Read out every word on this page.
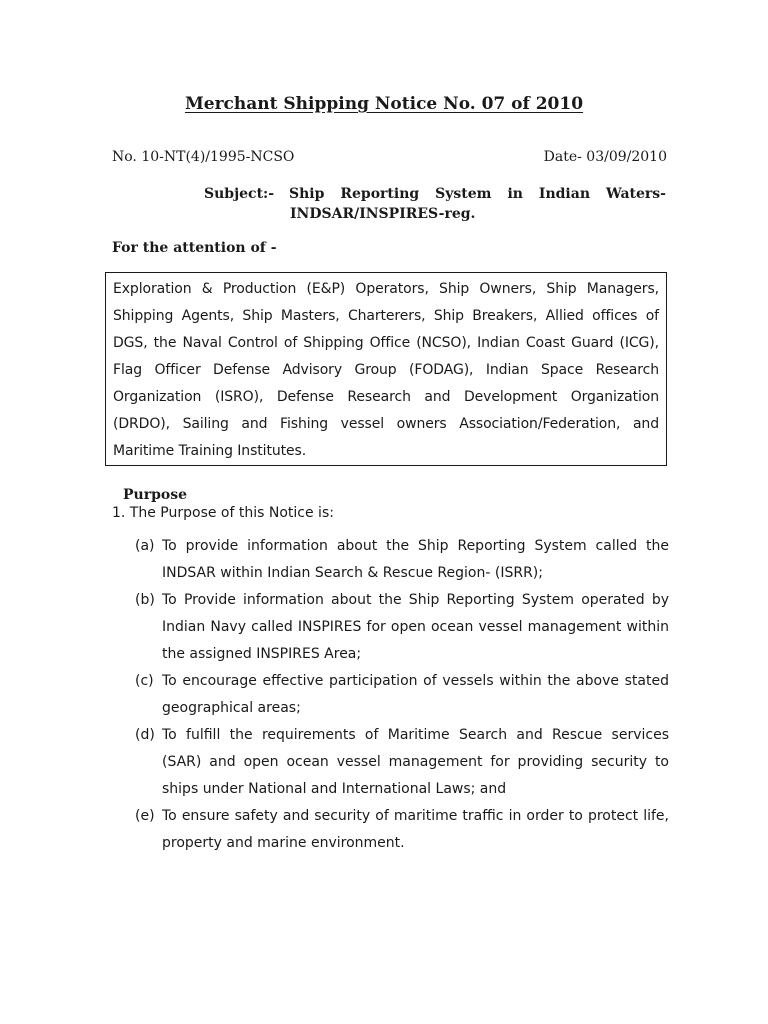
Merchant Shipping Notice No. 07 of 2010
No. 10-NT(4)/1995-NCSO	Date- 03/09/2010
Subject:- Ship Reporting System in Indian Waters-
INDSAR/INSPIRES-reg.
For the attention of -
Exploration & Production (E&P) Operators, Ship Owners, Ship Managers, Shipping Agents, Ship Masters, Charterers, Ship Breakers, Allied offices of DGS, the Naval Control of Shipping Office (NCSO), Indian Coast Guard (ICG), Flag Officer Defense Advisory Group (FODAG), Indian Space Research Organization (ISRO), Defense Research and Development Organization (DRDO), Sailing and Fishing vessel owners Association/Federation, and Maritime Training Institutes.
Purpose
1. The Purpose of this Notice is:
(a) To provide information about the Ship Reporting System called the INDSAR within Indian Search & Rescue Region- (ISRR);
(b) To Provide information about the Ship Reporting System operated by Indian Navy called INSPIRES for open ocean vessel management within the assigned INSPIRES Area;
(c) To encourage effective participation of vessels within the above stated geographical areas;
(d) To fulfill the requirements of Maritime Search and Rescue services (SAR) and open ocean vessel management for providing security to ships under National and International Laws; and
(e) To ensure safety and security of maritime traffic in order to protect life, property and marine environment.
